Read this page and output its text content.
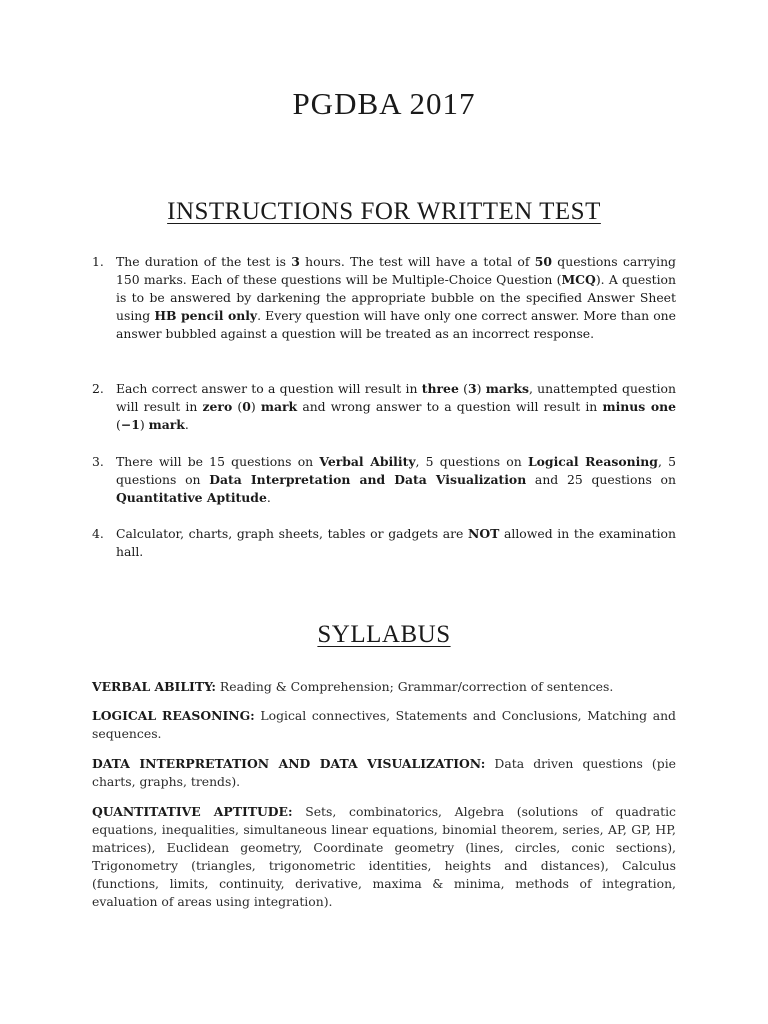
PGDBA 2017
INSTRUCTIONS FOR WRITTEN TEST
1. The duration of the test is 3 hours. The test will have a total of 50 questions carrying 150 marks. Each of these questions will be Multiple-Choice Question (MCQ). A question is to be answered by darkening the appropriate bubble on the specified Answer Sheet using HB pencil only. Every question will have only one correct answer. More than one answer bubbled against a question will be treated as an incorrect response.
2. Each correct answer to a question will result in three (3) marks, unattempted question will result in zero (0) mark and wrong answer to a question will result in minus one (−1) mark.
3. There will be 15 questions on Verbal Ability, 5 questions on Logical Reasoning, 5 questions on Data Interpretation and Data Visualization and 25 questions on Quantitative Aptitude.
4. Calculator, charts, graph sheets, tables or gadgets are NOT allowed in the examination hall.
SYLLABUS
VERBAL ABILITY: Reading & Comprehension; Grammar/correction of sentences.
LOGICAL REASONING: Logical connectives, Statements and Conclusions, Matching and sequences.
DATA INTERPRETATION AND DATA VISUALIZATION: Data driven questions (pie charts, graphs, trends).
QUANTITATIVE APTITUDE: Sets, combinatorics, Algebra (solutions of quadratic equations, inequalities, simultaneous linear equations, binomial theorem, series, AP, GP, HP, matrices), Euclidean geometry, Coordinate geometry (lines, circles, conic sections), Trigonometry (triangles, trigonometric identities, heights and distances), Calculus (functions, limits, continuity, derivative, maxima & minima, methods of integration, evaluation of areas using integration).
